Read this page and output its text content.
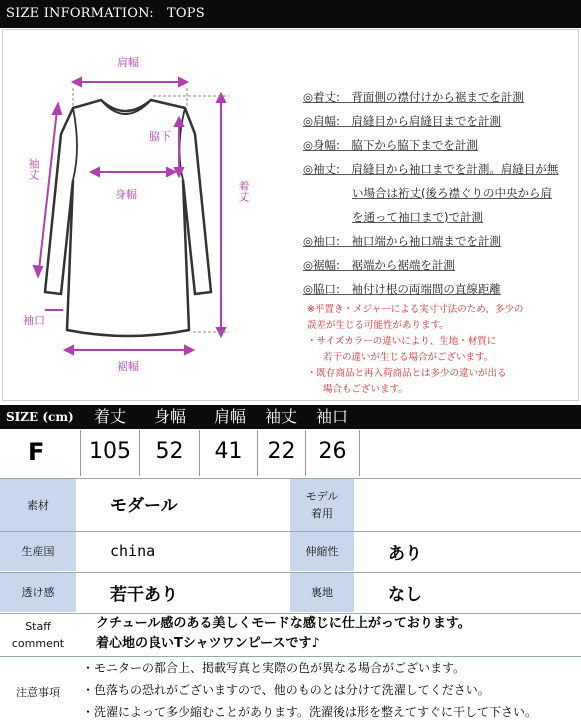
SIZE INFORMATION:　TOPS
肩幅
脇下
身幅
袖丈
着丈
袖口
裾幅
◎着丈:　背面側の襟付けから裾までを計測
◎肩幅:　肩縫目から肩縫目までを計測
◎身幅:　脇下から脇下までを計測
◎袖丈:　肩縫目から袖口までを計測。肩縫目が無
い場合は裄丈(後ろ襟ぐりの中央から肩
を通って袖口まで)で計測
◎袖口:　袖口端から袖口端までを計測
◎裾幅:　裾端から裾端を計測
◎脇口:　袖付け根の両端間の直線距離
※平置き・メジャーによる実寸寸法のため、多少の
誤差が生じる可能性があります。
・サイズカラーの違いにより、生地・材質に
若干の違いが生じる場合がございます。
・既存商品と再入荷商品とは多少の違いが出る
場合もございます。
SIZE (cm)	着丈	身幅	肩幅	袖丈	袖口
F	105	52	41	22	26
素材	モダール	モデル
着用
生産国	china	伸縮性	あり
透け感	若干あり	裏地	なし
Staff
comment
クチュール感のある美しくモードな感じに仕上がっております。
着心地の良いTシャツワンピースです♪
注意事項
・モニターの都合上、掲載写真と実際の色が異なる場合がございます。
・色落ちの恐れがございますので、他のものとは分けて洗濯してください。
・洗濯によって多少縮むことがあります。洗濯後は形を整えてすぐに干して下さい。
